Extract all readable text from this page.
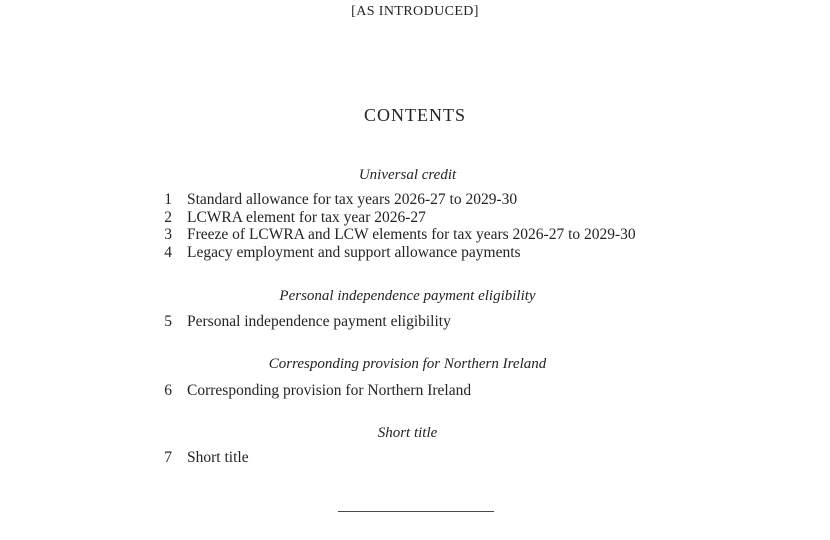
[AS INTRODUCED]
CONTENTS
Universal credit
1 Standard allowance for tax years 2026-27 to 2029-30
2 LCWRA element for tax year 2026-27
3 Freeze of LCWRA and LCW elements for tax years 2026-27 to 2029-30
4 Legacy employment and support allowance payments
Personal independence payment eligibility
5 Personal independence payment eligibility
Corresponding provision for Northern Ireland
6 Corresponding provision for Northern Ireland
Short title
7 Short title
